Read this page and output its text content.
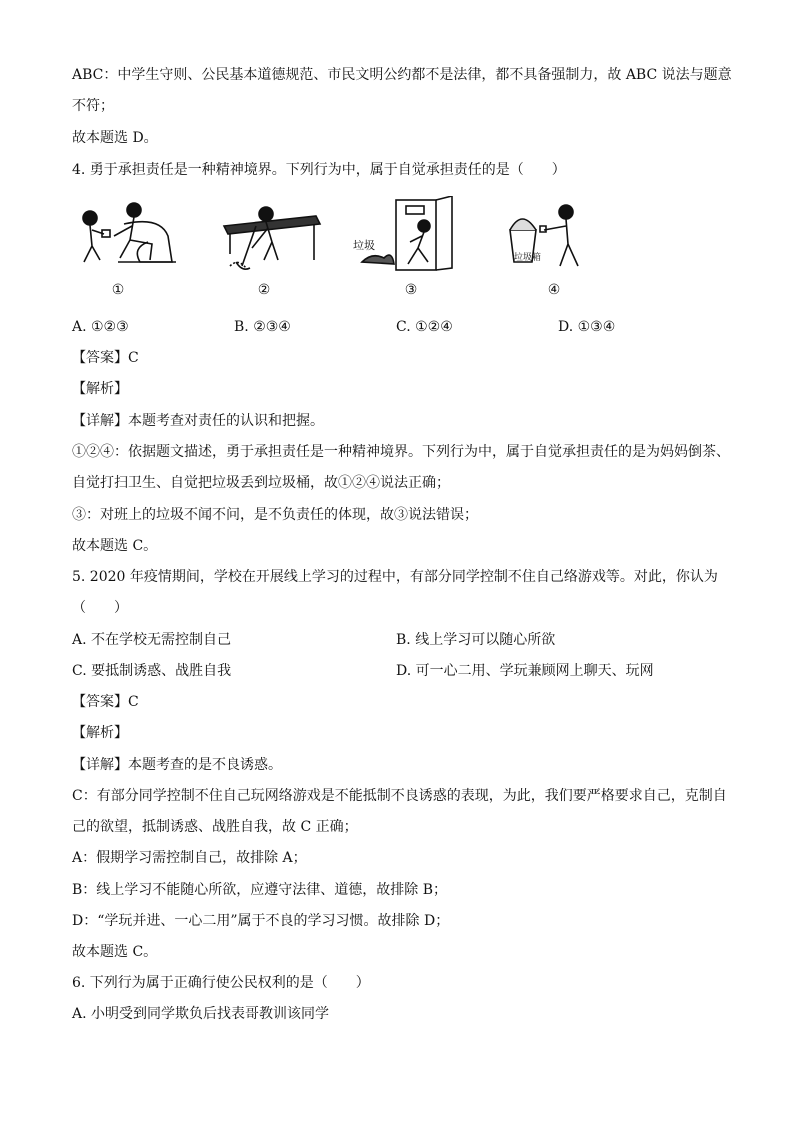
ABC：中学生守则、公民基本道德规范、市民文明公约都不是法律，都不具备强制力，故 ABC 说法与题意
不符；
故本题选 D。
4. 勇于承担责任是一种精神境界。下列行为中，属于自觉承担责任的是（　　）
①	②
垃圾
③
垃圾箱
④
A. ①②③	B. ②③④	C. ①②④	D. ①③④
【答案】C
【解析】
【详解】本题考查对责任的认识和把握。
①②④：依据题文描述，勇于承担责任是一种精神境界。下列行为中，属于自觉承担责任的是为妈妈倒茶、
自觉打扫卫生、自觉把垃圾丢到垃圾桶，故①②④说法正确；
③：对班上的垃圾不闻不问，是不负责任的体现，故③说法错误；
故本题选 C。
5. 2020 年疫情期间，学校在开展线上学习的过程中，有部分同学控制不住自己络游戏等。对此，你认为
（　　）
A. 不在学校无需控制自己	B. 线上学习可以随心所欲
C. 要抵制诱惑、战胜自我	D. 可一心二用、学玩兼顾网上聊天、玩网
【答案】C
【解析】
【详解】本题考查的是不良诱惑。
C：有部分同学控制不住自己玩网络游戏是不能抵制不良诱惑的表现，为此，我们要严格要求自己，克制自
己的欲望，抵制诱惑、战胜自我，故 C 正确；
A：假期学习需控制自己，故排除 A；
B：线上学习不能随心所欲，应遵守法律、道德，故排除 B；
D：“学玩并进、一心二用”属于不良的学习习惯。故排除 D；
故本题选 C。
6. 下列行为属于正确行使公民权利的是（　　）
A. 小明受到同学欺负后找表哥教训该同学
